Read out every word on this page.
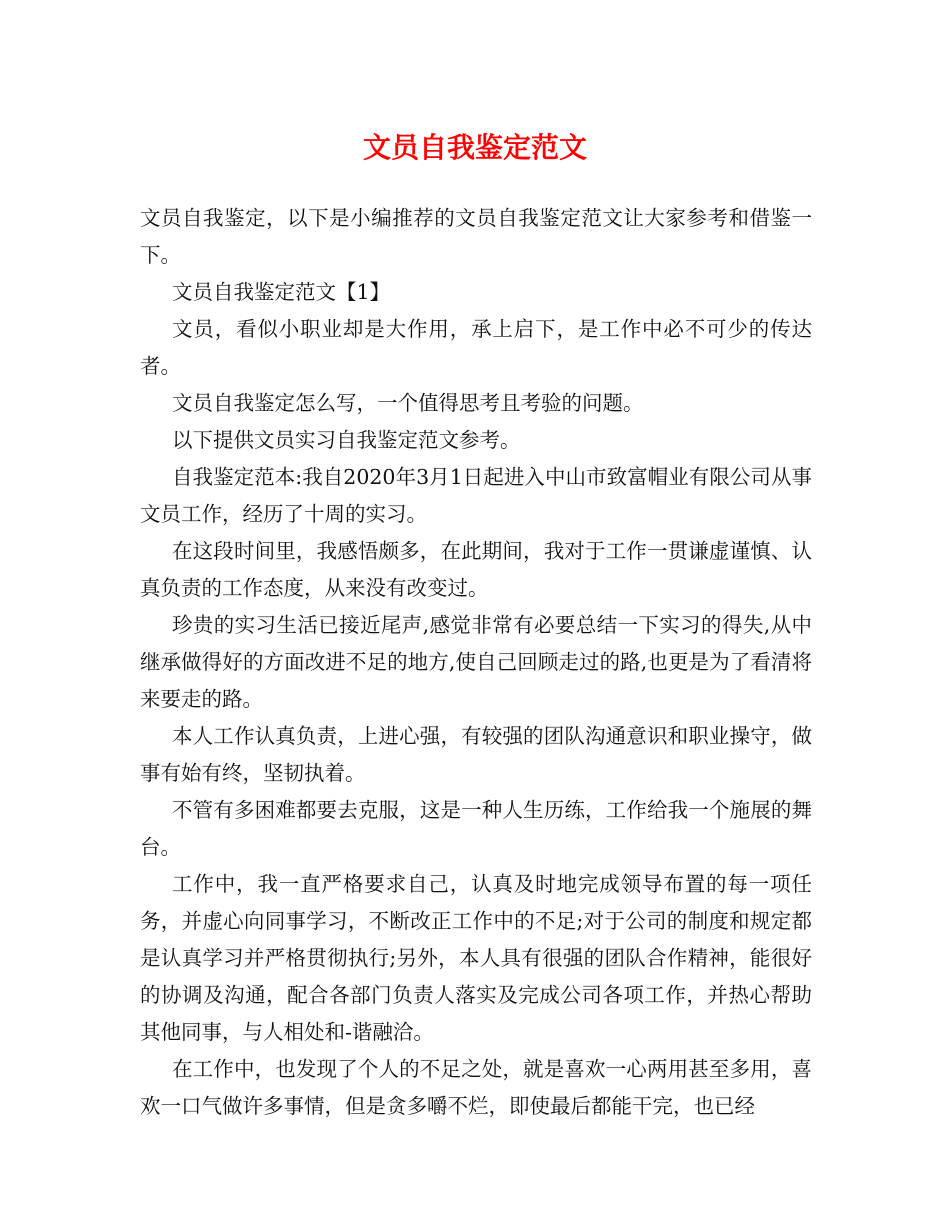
文员自我鉴定范文

文员自我鉴定，以下是小编推荐的文员自我鉴定范文让大家参考和借鉴一下。

文员自我鉴定范文【1】

文员，看似小职业却是大作用，承上启下，是工作中必不可少的传达者。

文员自我鉴定怎么写，一个值得思考且考验的问题。

以下提供文员实习自我鉴定范文参考。

自我鉴定范本:我自2020年3月1日起进入中山市致富帽业有限公司从事文员工作，经历了十周的实习。

在这段时间里，我感悟颇多，在此期间，我对于工作一贯谦虚谨慎、认真负责的工作态度，从来没有改变过。

珍贵的实习生活已接近尾声,感觉非常有必要总结一下实习的得失,从中继承做得好的方面改进不足的地方,使自己回顾走过的路,也更是为了看清将来要走的路。

本人工作认真负责，上进心强，有较强的团队沟通意识和职业操守，做事有始有终，坚韧执着。

不管有多困难都要去克服，这是一种人生历练，工作给我一个施展的舞台。

工作中，我一直严格要求自己，认真及时地完成领导布置的每一项任务，并虚心向同事学习，不断改正工作中的不足;对于公司的制度和规定都是认真学习并严格贯彻执行;另外，本人具有很强的团队合作精神，能很好的协调及沟通，配合各部门负责人落实及完成公司各项工作，并热心帮助其他同事，与人相处和-谐融洽。

在工作中，也发现了个人的不足之处，就是喜欢一心两用甚至多用，喜欢一口气做许多事情，但是贪多嚼不烂，即使最后都能干完，也已经
